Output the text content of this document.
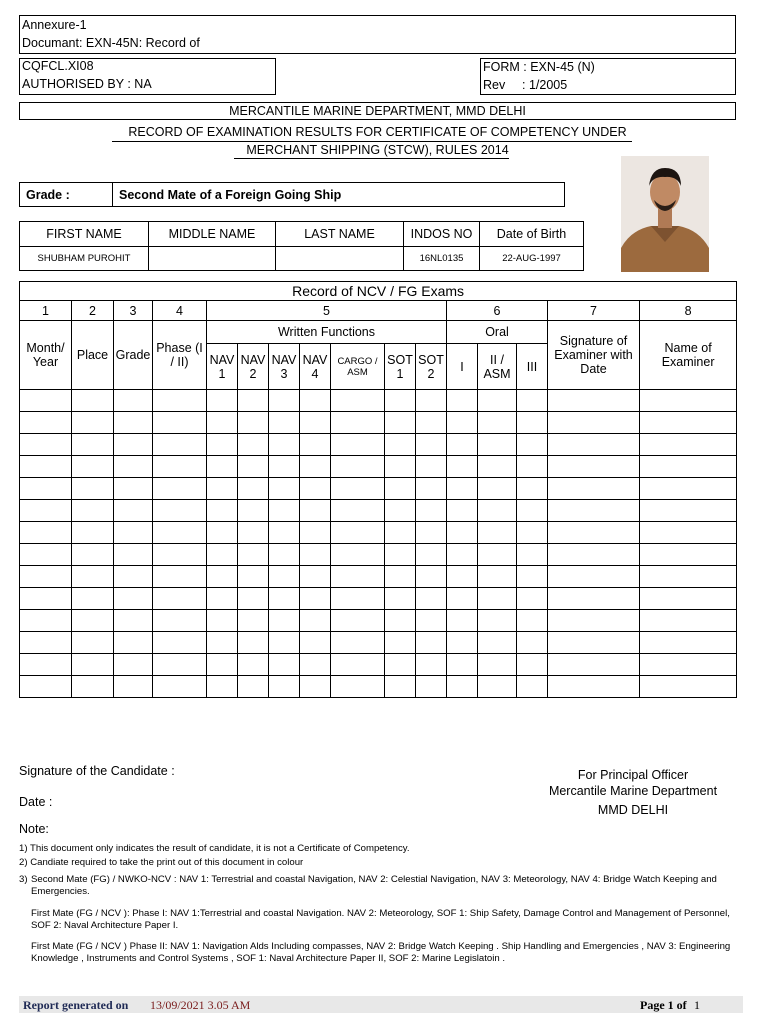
Annexure-1
Documant: EXN-45N: Record of
CQFCL.XI08
AUTHORISED BY : NA
FORM : EXN-45 (N)
Rev : 1/2005
MERCANTILE MARINE DEPARTMENT, MMD DELHI
RECORD OF EXAMINATION RESULTS FOR CERTIFICATE OF COMPETENCY UNDER
MERCHANT SHIPPING (STCW), RULES 2014
Grade :	Second Mate of a Foreign Going Ship
FIRST NAME	MIDDLE NAME	LAST NAME	INDOS NO	Date of Birth
SHUBHAM PUROHIT			16NL0135	22-AUG-1997
Record of NCV / FG Exams															
1	2	3	4	5							6			7	8
Month/ Year	Place	Grade	Phase (I / II)	Written Functions							Oral			Signature of Examiner with Date	Name of Examiner
				NAV 1	NAV 2	NAV 3	NAV 4	CARGO / ASM	SOT 1	SOT 2	I	II / ASM	III		

Signature of the Candidate :
Date :
Note:
For Principal Officer
Mercantile Marine Department
MMD DELHI
1) This document only indicates the result of candidate, it is not a Certificate of Competency.
2) Candiate required to take the print out of this document in colour
3) Second Mate (FG) / NWKO-NCV : NAV 1: Terrestrial and coastal Navigation, NAV 2: Celestial Navigation, NAV 3: Meteorology, NAV 4: Bridge Watch Keeping and Emergencies.
First Mate (FG / NCV ): Phase I: NAV 1:Terrestrial and coastal Navigation. NAV 2: Meteorology, SOF 1: Ship Safety, Damage Control and Management of Personnel, SOF 2: Naval Architecture Paper I.
First Mate (FG / NCV ) Phase II: NAV 1: Navigation Alds Including compasses, NAV 2: Bridge Watch Keeping . Ship Handling and Emergencies , NAV 3: Engineering Knowledge , Instruments and Control Systems , SOF 1: Naval Architecture Paper II, SOF 2: Marine Legislatoin .
Report generated on 13/09/2021 3.05 AM	Page 1 of 1
